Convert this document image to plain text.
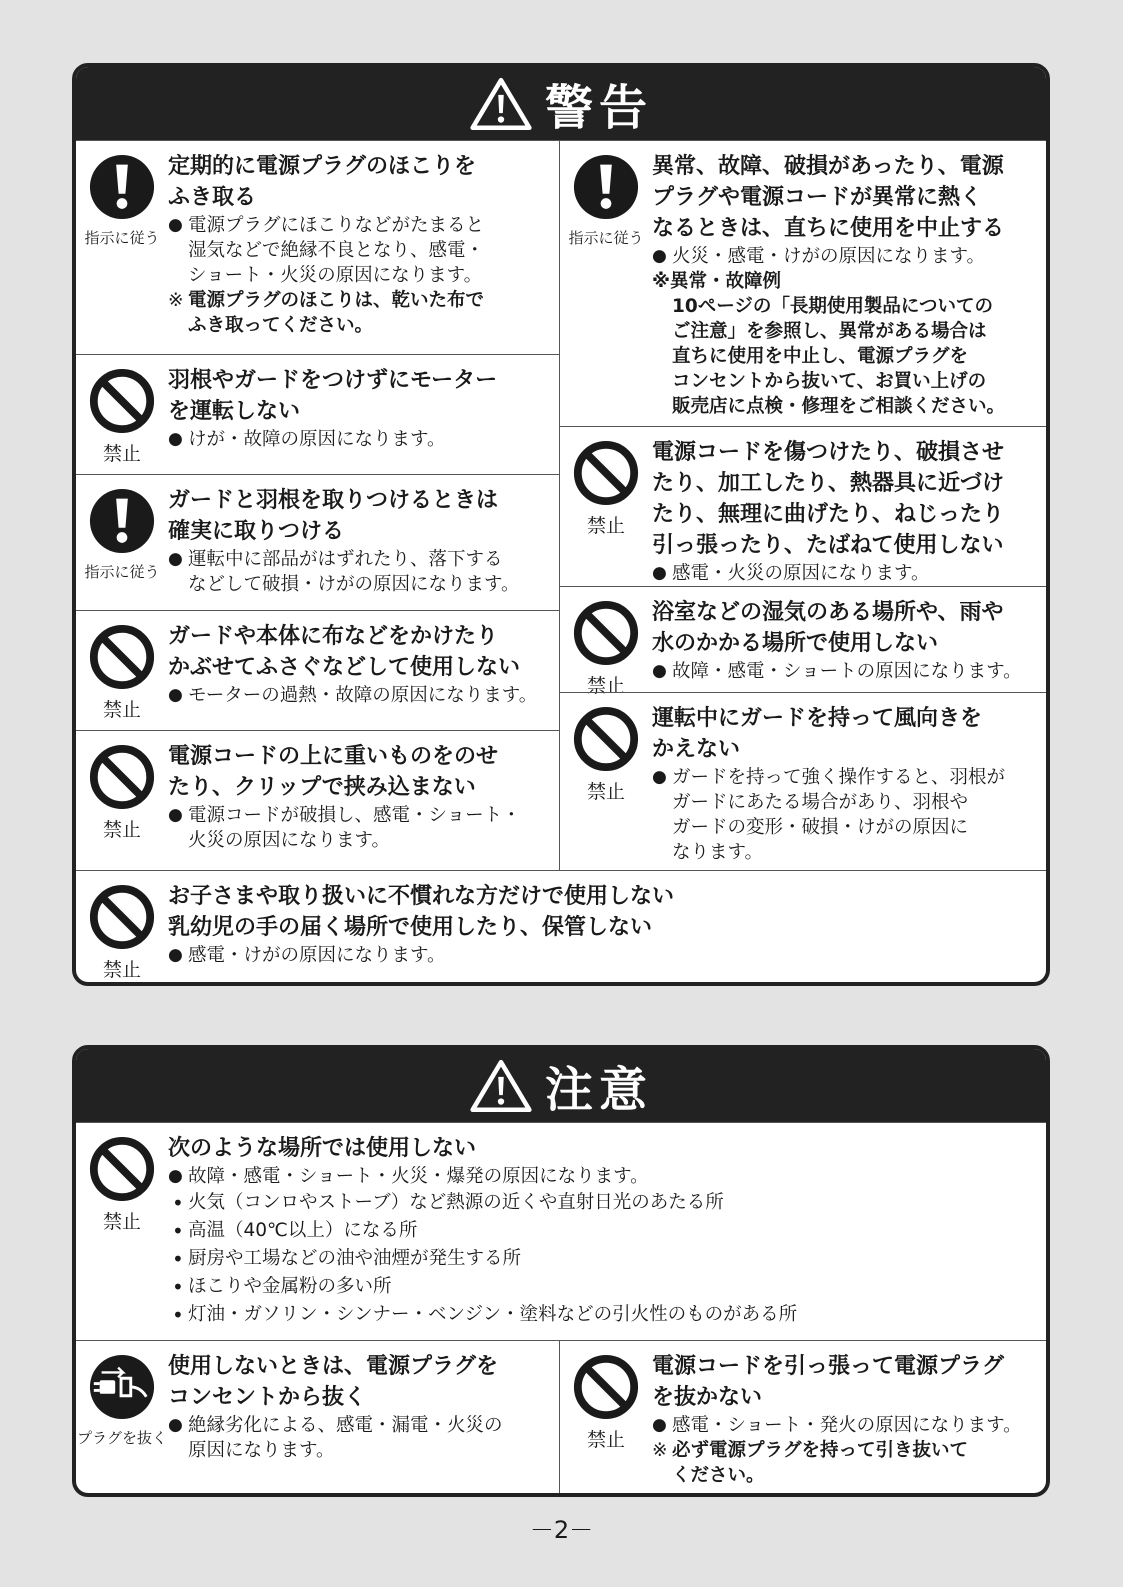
警告
指示に従う
定期的に電源プラグのほこりを
ふき取る
● 電源プラグにほこりなどがたまると
湿気などで絶縁不良となり、感電・
ショート・火災の原因になります。
※ 電源プラグのほこりは、乾いた布で
ふき取ってください。
禁止
羽根やガードをつけずにモーター
を運転しない
● けが・故障の原因になります。
指示に従う
ガードと羽根を取りつけるときは
確実に取りつける
● 運転中に部品がはずれたり、落下する
などして破損・けがの原因になります。
禁止
ガードや本体に布などをかけたり
かぶせてふさぐなどして使用しない
● モーターの過熱・故障の原因になります。
禁止
電源コードの上に重いものをのせ
たり、クリップで挟み込まない
● 電源コードが破損し、感電・ショート・
火災の原因になります。
指示に従う
異常、故障、破損があったり、電源
プラグや電源コードが異常に熱く
なるときは、直ちに使用を中止する
● 火災・感電・けがの原因になります。
※異常・故障例
10ページの「長期使用製品についての
ご注意」を参照し、異常がある場合は
直ちに使用を中止し、電源プラグを
コンセントから抜いて、お買い上げの
販売店に点検・修理をご相談ください。
禁止
電源コードを傷つけたり、破損させ
たり、加工したり、熱器具に近づけ
たり、無理に曲げたり、ねじったり
引っ張ったり、たばねて使用しない
● 感電・火災の原因になります。
禁止
浴室などの湿気のある場所や、雨や
水のかかる場所で使用しない
● 故障・感電・ショートの原因になります。
禁止
運転中にガードを持って風向きを
かえない
● ガードを持って強く操作すると、羽根が
ガードにあたる場合があり、羽根や
ガードの変形・破損・けがの原因に
なります。
禁止
お子さまや取り扱いに不慣れな方だけで使用しない
乳幼児の手の届く場所で使用したり、保管しない
● 感電・けがの原因になります。
注意
禁止
次のような場所では使用しない
● 故障・感電・ショート・火災・爆発の原因になります。
• 火気（コンロやストーブ）など熱源の近くや直射日光のあたる所
• 高温（40℃以上）になる所
• 厨房や工場などの油や油煙が発生する所
• ほこりや金属粉の多い所
• 灯油・ガソリン・シンナー・ベンジン・塗料などの引火性のものがある所
プラグを抜く
使用しないときは、電源プラグを
コンセントから抜く
● 絶縁劣化による、感電・漏電・火災の
原因になります。	禁止
電源コードを引っ張って電源プラグ
を抜かない
● 感電・ショート・発火の原因になります。
※ 必ず電源プラグを持って引き抜いて
ください。
－2－
